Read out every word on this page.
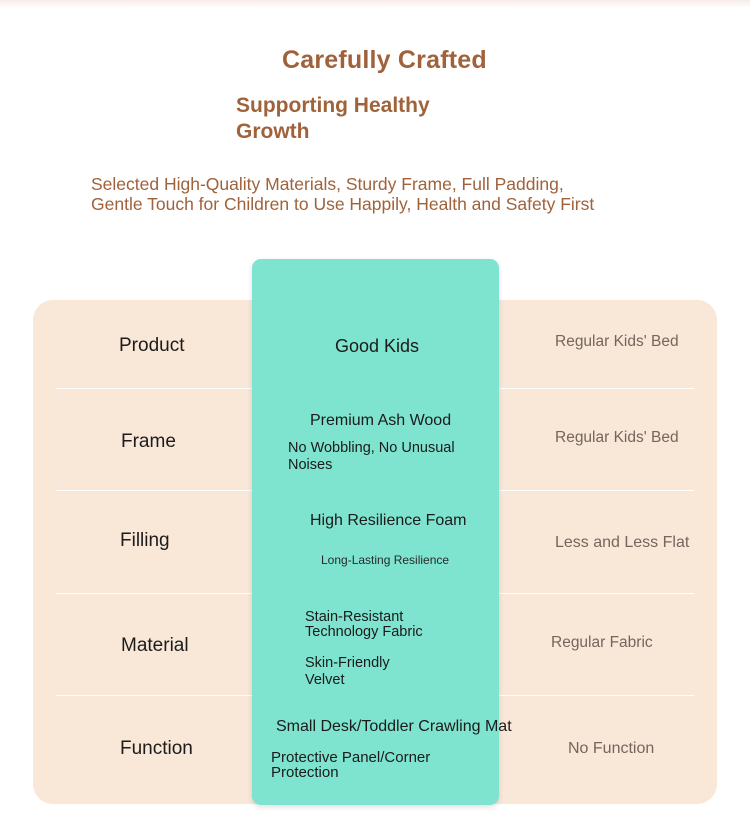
Carefully Crafted
Supporting Healthy Growth
Selected High-Quality Materials, Sturdy Frame, Full Padding,
Gentle Touch for Children to Use Happily, Health and Safety First
Product	Good Kids	Regular Kids' Bed
Frame
Premium Ash Wood
No Wobbling, No Unusual Noises
Regular Kids' Bed
Filling
High Resilience Foam
Long-Lasting Resilience
Less and Less Flat
Material
Stain-Resistant Technology Fabric
Skin-Friendly Velvet
Regular Fabric
Function
Small Desk/Toddler Crawling Mat
Protective Panel/Corner Protection
No Function
